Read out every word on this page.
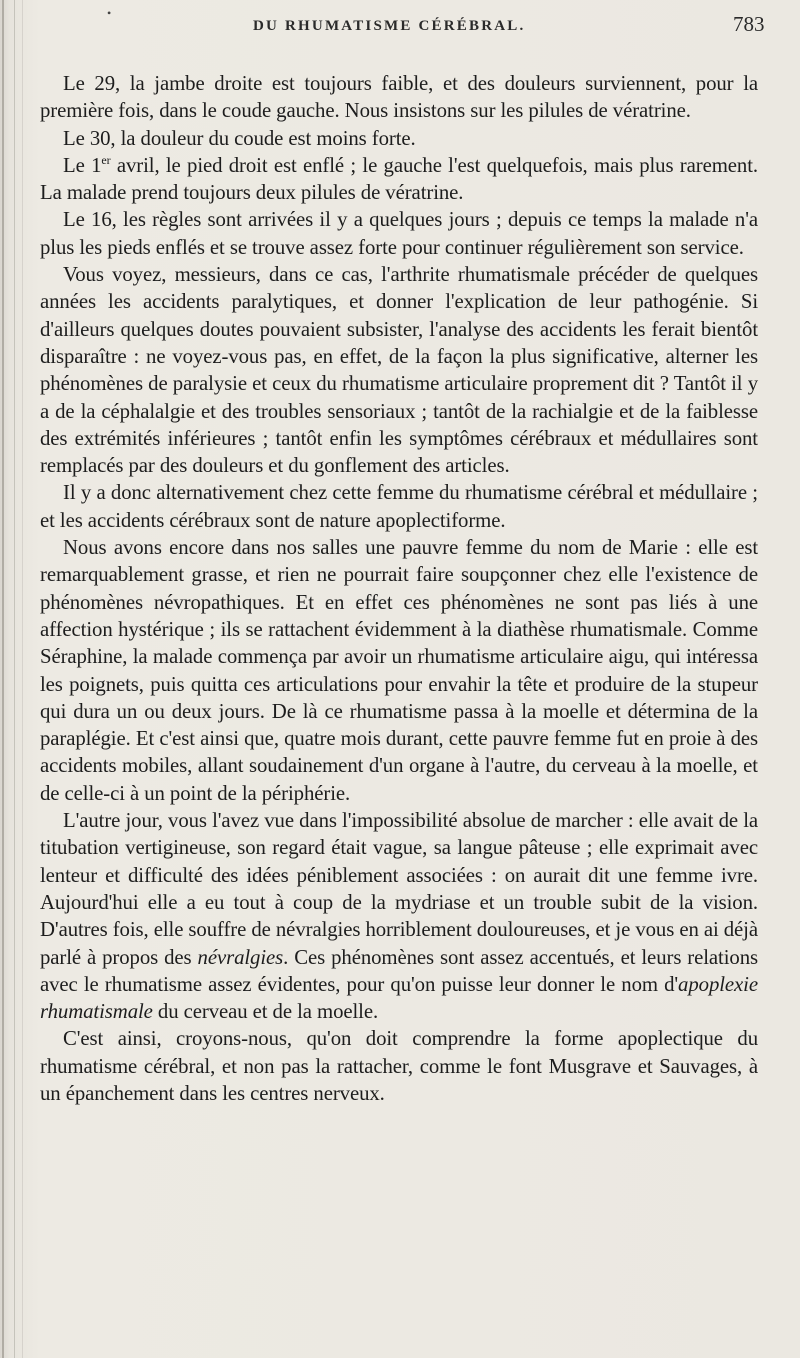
•
DU RHUMATISME CÉRÉBRAL.	783

Le 29, la jambe droite est toujours faible, et des douleurs surviennent, pour la première fois, dans le coude gauche. Nous insistons sur les pilules de vératrine.

Le 30, la douleur du coude est moins forte.

Le 1er avril, le pied droit est enflé ; le gauche l'est quelquefois, mais plus rarement. La malade prend toujours deux pilules de vératrine.

Le 16, les règles sont arrivées il y a quelques jours ; depuis ce temps la malade n'a plus les pieds enflés et se trouve assez forte pour continuer régulièrement son service.

Vous voyez, messieurs, dans ce cas, l'arthrite rhumatismale précéder de quelques années les accidents paralytiques, et donner l'explication de leur pathogénie. Si d'ailleurs quelques doutes pouvaient subsister, l'analyse des accidents les ferait bientôt disparaître : ne voyez-vous pas, en effet, de la façon la plus significative, alterner les phénomènes de paralysie et ceux du rhumatisme articulaire proprement dit ? Tantôt il y a de la céphalalgie et des troubles sensoriaux ; tantôt de la rachialgie et de la faiblesse des extrémités inférieures ; tantôt enfin les symptômes cérébraux et médullaires sont remplacés par des douleurs et du gonflement des articles.

Il y a donc alternativement chez cette femme du rhumatisme cérébral et médullaire ; et les accidents cérébraux sont de nature apoplectiforme.

Nous avons encore dans nos salles une pauvre femme du nom de Marie : elle est remarquablement grasse, et rien ne pourrait faire soupçonner chez elle l'existence de phénomènes névropathiques. Et en effet ces phénomènes ne sont pas liés à une affection hystérique ; ils se rattachent évidemment à la diathèse rhumatismale. Comme Séraphine, la malade commença par avoir un rhumatisme articulaire aigu, qui intéressa les poignets, puis quitta ces articulations pour envahir la tête et produire de la stupeur qui dura un ou deux jours. De là ce rhumatisme passa à la moelle et détermina de la paraplégie. Et c'est ainsi que, quatre mois durant, cette pauvre femme fut en proie à des accidents mobiles, allant soudainement d'un organe à l'autre, du cerveau à la moelle, et de celle-ci à un point de la périphérie.

L'autre jour, vous l'avez vue dans l'impossibilité absolue de marcher : elle avait de la titubation vertigineuse, son regard était vague, sa langue pâteuse ; elle exprimait avec lenteur et difficulté des idées péniblement associées : on aurait dit une femme ivre. Aujourd'hui elle a eu tout à coup de la mydriase et un trouble subit de la vision. D'autres fois, elle souffre de névralgies horriblement douloureuses, et je vous en ai déjà parlé à propos des névralgies. Ces phénomènes sont assez accentués, et leurs relations avec le rhumatisme assez évidentes, pour qu'on puisse leur donner le nom d'apoplexie rhumatismale du cerveau et de la moelle.

C'est ainsi, croyons-nous, qu'on doit comprendre la forme apoplectique du rhumatisme cérébral, et non pas la rattacher, comme le font Musgrave et Sauvages, à un épanchement dans les centres nerveux.
